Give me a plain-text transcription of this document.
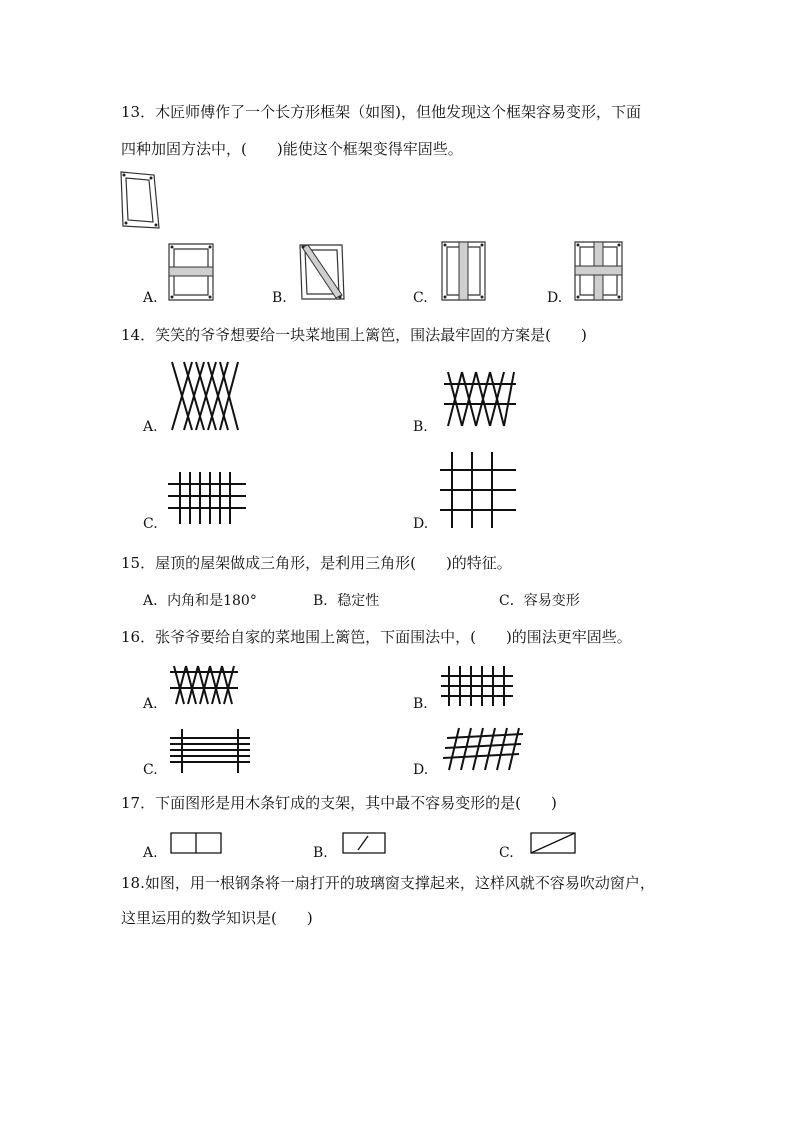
13．木匠师傅作了一个长方形框架（如图)，但他发现这个框架容易变形，下面
四种加固方法中，(　　)能使这个框架变得牢固些。
A.	B.	C.	D.
14．笑笑的爷爷想要给一块菜地围上篱笆，围法最牢固的方案是(　　)
A.	B.
C.	D.
15．屋顶的屋架做成三角形，是利用三角形(　　)的特征。
A．内角和是180°	B．稳定性	C．容易变形
16．张爷爷要给自家的菜地围上篱笆，下面围法中，(　　)的围法更牢固些。
A.	B.
C.	D.
17．下面图形是用木条钉成的支架，其中最不容易变形的是(　　)
A.	B.	C.
18.如图，用一根钢条将一扇打开的玻璃窗支撑起来，这样风就不容易吹动窗户，
这里运用的数学知识是(　　)
